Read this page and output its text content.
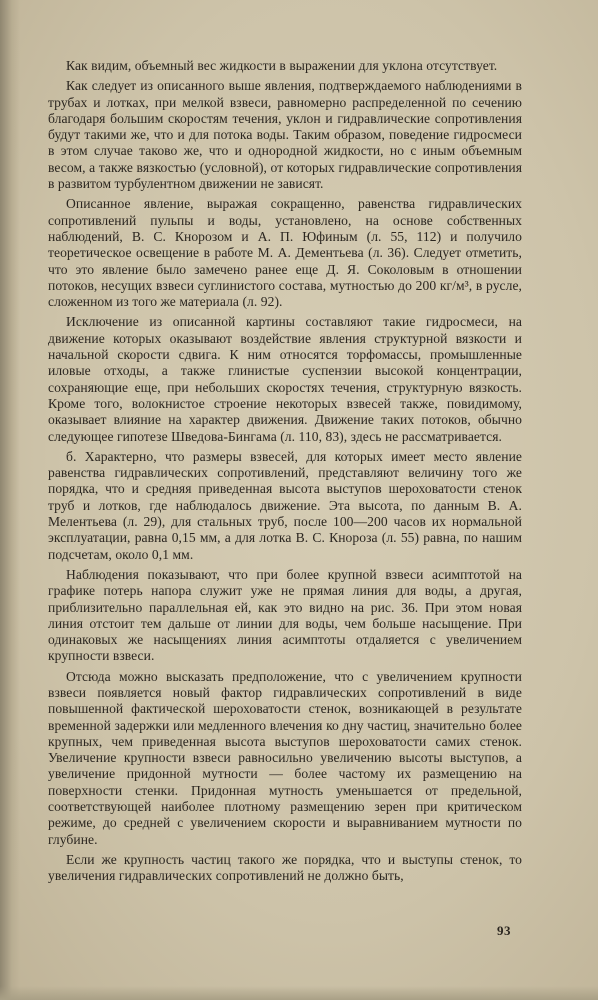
Как видим, объемный вес жидкости в выражении для уклона отсутствует.

Как следует из описанного выше явления, подтверждаемого наблюдениями в трубах и лотках, при мелкой взвеси, равномерно распределенной по сечению благодаря большим скоростям течения, уклон и гидравлические сопротивления будут такими же, что и для потока воды. Таким образом, поведение гидросмеси в этом случае таково же, что и однородной жидкости, но с иным объемным весом, а также вязкостью (условной), от которых гидравлические сопротивления в развитом турбулентном движении не зависят.

Описанное явление, выражая сокращенно, равенства гидравлических сопротивлений пульпы и воды, установлено, на основе собственных наблюдений, В. С. Кнорозом и А. П. Юфиным (л. 55, 112) и получило теоретическое освещение в работе М. А. Дементьева (л. 36). Следует отметить, что это явление было замечено ранее еще Д. Я. Соколовым в отношении потоков, несущих взвеси суглинистого состава, мутностью до 200 кг/м³, в русле, сложенном из того же материала (л. 92).

Исключение из описанной картины составляют такие гидросмеси, на движение которых оказывают воздействие явления структурной вязкости и начальной скорости сдвига. К ним относятся торфомассы, промышленные иловые отходы, а также глинистые суспензии высокой концентрации, сохраняющие еще, при небольших скоростях течения, структурную вязкость. Кроме того, волокнистое строение некоторых взвесей также, повидимому, оказывает влияние на характер движения. Движение таких потоков, обычно следующее гипотезе Шведова-Бингама (л. 110, 83), здесь не рассматривается.

б. Характерно, что размеры взвесей, для которых имеет место явление равенства гидравлических сопротивлений, представляют величину того же порядка, что и средняя приведенная высота выступов шероховатости стенок труб и лотков, где наблюдалось движение. Эта высота, по данным В. А. Мелентьева (л. 29), для стальных труб, после 100—200 часов их нормальной эксплуатации, равна 0,15 мм, а для лотка В. С. Кнороза (л. 55) равна, по нашим подсчетам, около 0,1 мм.

Наблюдения показывают, что при более крупной взвеси асимптотой на графике потерь напора служит уже не прямая линия для воды, а другая, приблизительно параллельная ей, как это видно на рис. 36. При этом новая линия отстоит тем дальше от линии для воды, чем больше насыщение. При одинаковых же насыщениях линия асимптоты отдаляется с увеличением крупности взвеси.

Отсюда можно высказать предположение, что с увеличением крупности взвеси появляется новый фактор гидравлических сопротивлений в виде повышенной фактической шероховатости стенок, возникающей в результате временной задержки или медленного влечения ко дну частиц, значительно более крупных, чем приведенная высота выступов шероховатости самих стенок. Увеличение крупности взвеси равносильно увеличению высоты выступов, а увеличение придонной мутности — более частому их размещению на поверхности стенки. Придонная мутность уменьшается от предельной, соответствующей наиболее плотному размещению зерен при критическом режиме, до средней с увеличением скорости и выравниванием мутности по глубине.

Если же крупность частиц такого же порядка, что и выступы стенок, то увеличения гидравлических сопротивлений не должно быть,

93
